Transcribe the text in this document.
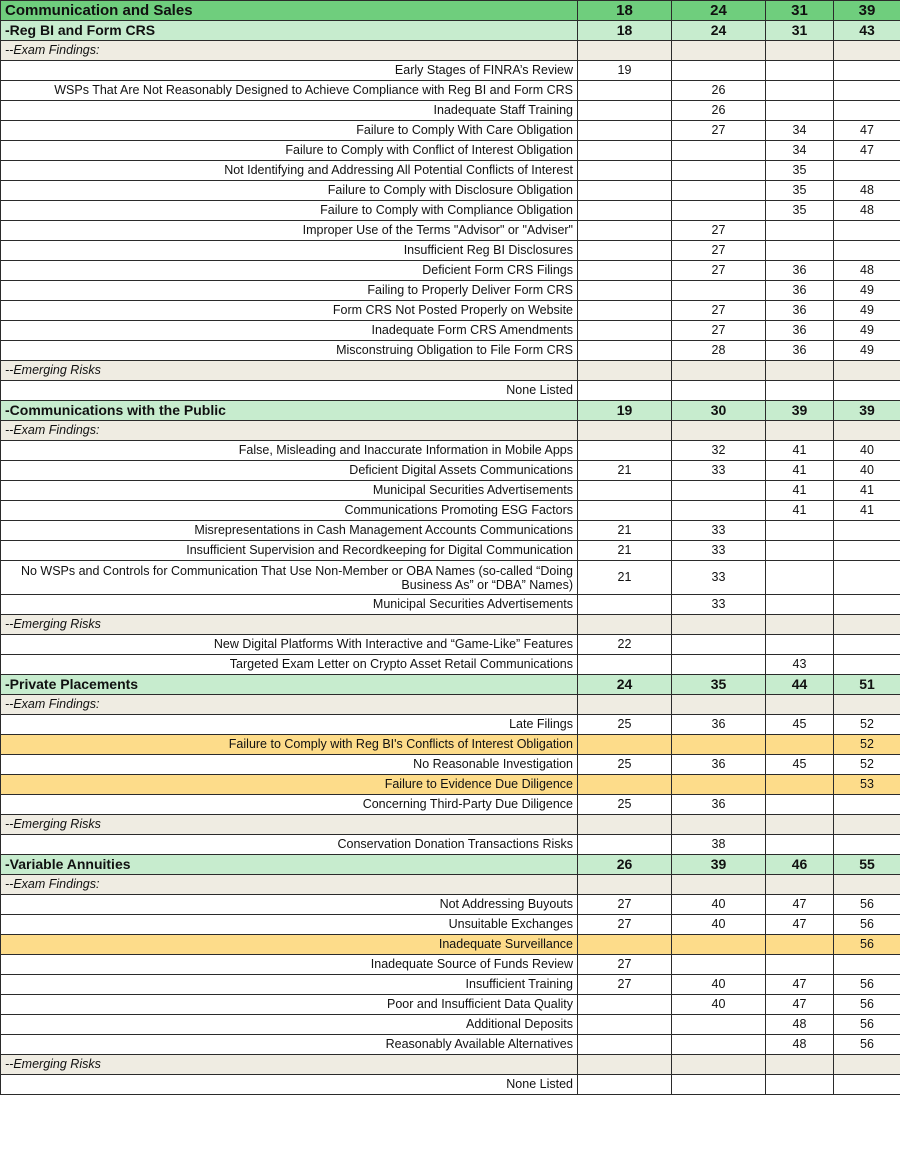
Communication and Sales	18	24	31	39
-Reg BI and Form CRS	18	24	31	43
--Exam Findings:				
Early Stages of FINRA’s Review	19			
WSPs That Are Not Reasonably Designed to Achieve Compliance with Reg BI and Form CRS		26		
Inadequate Staff Training		26		
Failure to Comply With Care Obligation		27	34	47
Failure to Comply with Conflict of Interest Obligation			34	47
Not Identifying and Addressing All Potential Conflicts of Interest			35	
Failure to Comply with Disclosure Obligation			35	48
Failure to Comply with Compliance Obligation			35	48
Improper Use of the Terms "Advisor" or "Adviser"		27		
Insufficient Reg BI Disclosures		27		
Deficient Form CRS Filings		27	36	48
Failing to Properly Deliver Form CRS			36	49
Form CRS Not Posted Properly on Website		27	36	49
Inadequate Form CRS Amendments		27	36	49
Misconstruing Obligation to File Form CRS		28	36	49
--Emerging Risks				
None Listed				
-Communications with the Public	19	30	39	39
--Exam Findings:				
False, Misleading and Inaccurate Information in Mobile Apps		32	41	40
Deficient Digital Assets Communications	21	33	41	40
Municipal Securities Advertisements			41	41
Communications Promoting ESG Factors			41	41
Misrepresentations in Cash Management Accounts Communications	21	33		
Insufficient Supervision and Recordkeeping for Digital Communication	21	33		
No WSPs and Controls for Communication That Use Non-Member or OBA Names (so-called “Doing Business As” or “DBA” Names)	21	33		
Municipal Securities Advertisements		33		
--Emerging Risks				
New Digital Platforms With Interactive and “Game-Like” Features	22			
Targeted Exam Letter on Crypto Asset Retail Communications			43	
-Private Placements	24	35	44	51
--Exam Findings:				
Late Filings	25	36	45	52
Failure to Comply with Reg BI's Conflicts of Interest Obligation				52
No Reasonable Investigation	25	36	45	52
Failure to Evidence Due Diligence				53
Concerning Third-Party Due Diligence	25	36		
--Emerging Risks				
Conservation Donation Transactions Risks		38		
-Variable Annuities	26	39	46	55
--Exam Findings:				
Not Addressing Buyouts	27	40	47	56
Unsuitable Exchanges	27	40	47	56
Inadequate Surveillance				56
Inadequate Source of Funds Review	27			
Insufficient Training	27	40	47	56
Poor and Insufficient Data Quality		40	47	56
Additional Deposits			48	56
Reasonably Available Alternatives			48	56
--Emerging Risks				
None Listed				
